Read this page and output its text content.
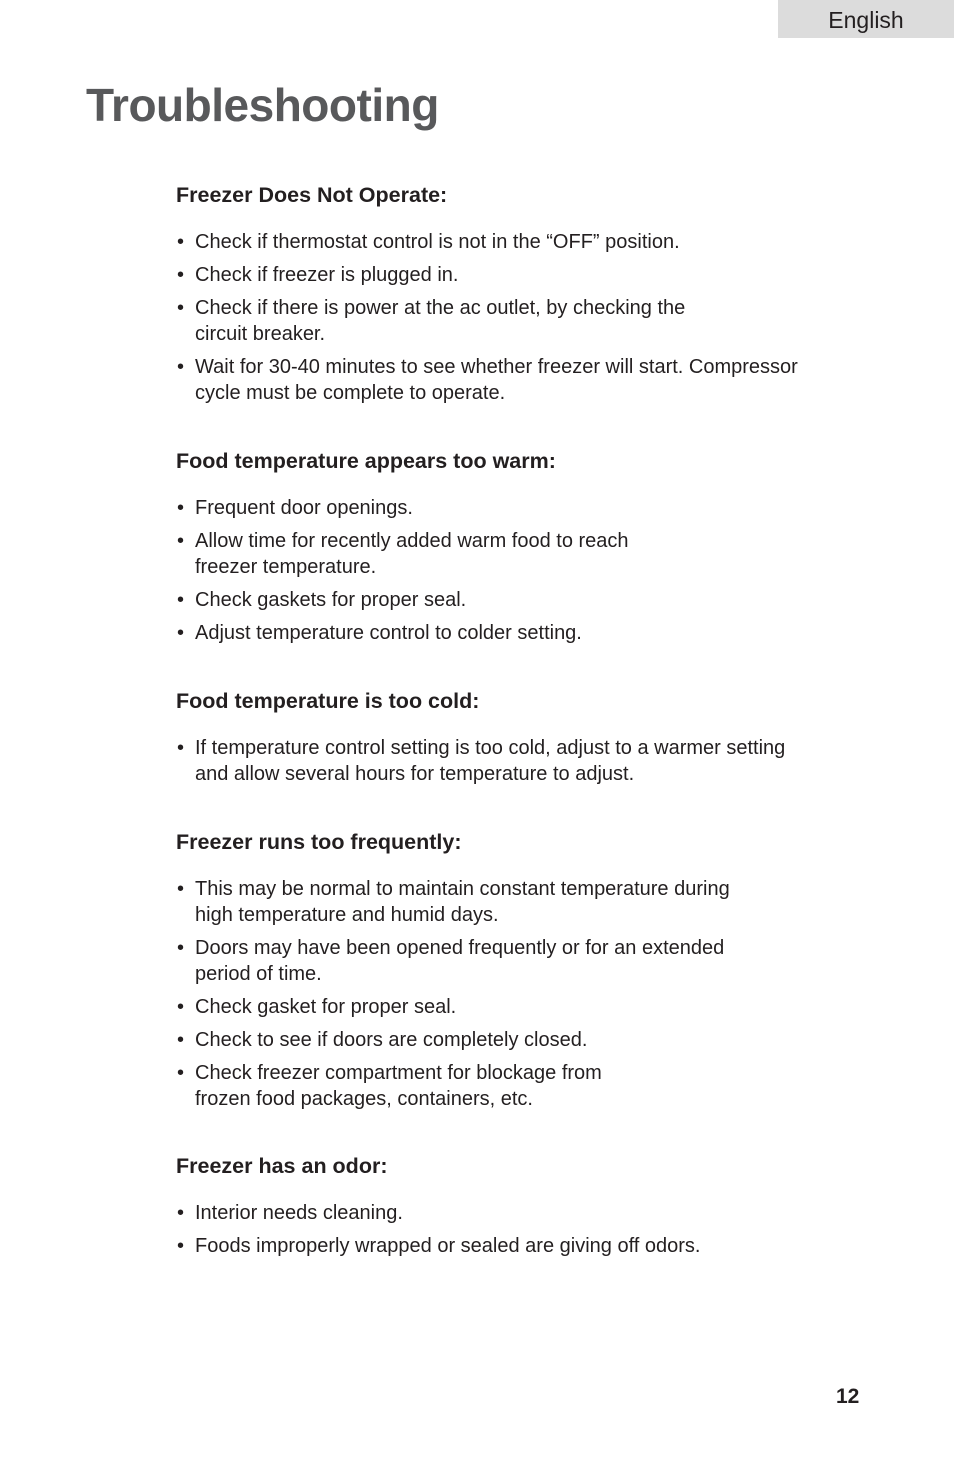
English
Troubleshooting
Freezer Does Not Operate:
• Check if thermostat control is not in the “OFF” position.
• Check if freezer is plugged in.
• Check if there is power at the ac outlet, by checking the
circuit breaker.
• Wait for 30-40 minutes to see whether freezer will start. Compressor
cycle must be complete to operate.
Food temperature appears too warm:
• Frequent door openings.
• Allow time for recently added warm food to reach
freezer temperature.
• Check gaskets for proper seal.
• Adjust temperature control to colder setting.
Food temperature is too cold:
• If temperature control setting is too cold, adjust to a warmer setting
and allow several hours for temperature to adjust.
Freezer runs too frequently:
• This may be normal to maintain constant temperature during
high temperature and humid days.
• Doors may have been opened frequently or for an extended
period of time.
• Check gasket for proper seal.
• Check to see if doors are completely closed.
• Check freezer compartment for blockage from
frozen food packages, containers, etc.
Freezer has an odor:
• Interior needs cleaning.
• Foods improperly wrapped or sealed are giving off odors.
12
